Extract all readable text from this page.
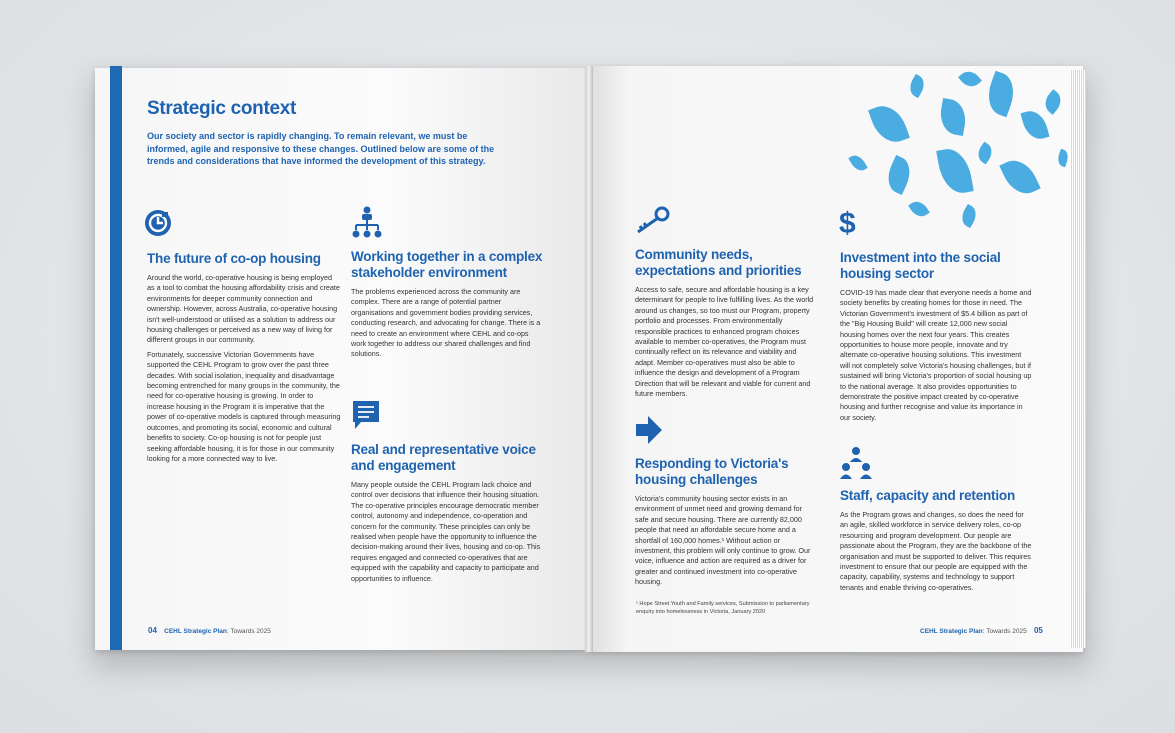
Strategic context

Our society and sector is rapidly changing. To remain relevant, we must be informed, agile and responsive to these changes. Outlined below are some of the trends and considerations that have informed the development of this strategy.

The future of co-op housing

Around the world, co-operative housing is being employed as a tool to combat the housing affordability crisis and create environments for deeper community connection and ownership. However, across Australia, co-operative housing isn't well-understood or utilised as a solution to address our housing challenges or perceived as a new way of living for different groups in our community.

Fortunately, successive Victorian Governments have supported the CEHL Program to grow over the past three decades. With social isolation, inequality and disadvantage becoming entrenched for many groups in the community, the need for co-operative housing is growing. In order to increase housing in the Program it is imperative that the power of co-operative models is captured through measuring outcomes, and promoting its social, economic and cultural benefits to society. Co-op housing is not for people just seeking affordable housing, it is for those in our community looking for a more connected way to live.

Working together in a complex stakeholder environment

The problems experienced across the community are complex. There are a range of potential partner organisations and government bodies providing services, conducting research, and advocating for change. There is a need to create an environment where CEHL and co-ops work together to address our shared challenges and find solutions.

Real and representative voice and engagement

Many people outside the CEHL Program lack choice and control over decisions that influence their housing situation. The co-operative principles encourage democratic member control, autonomy and independence, co-operation and concern for the community. These principles can only be realised when people have the opportunity to influence the decision-making around their lives, housing and co-op. This requires engaged and connected co-operatives that are equipped with the capability and capacity to participate and opportunities to influence.

04 CEHL Strategic Plan: Towards 2025
Community needs, expectations and priorities

Access to safe, secure and affordable housing is a key determinant for people to live fulfilling lives. As the world around us changes, so too must our Program, property portfolio and processes. From environmentally responsible practices to enhanced program choices available to member co-operatives, the Program must continually reflect on its relevance and viability and adapt. Member co-operatives must also be able to influence the design and development of a Program Direction that will be relevant and viable for current and future members.

$
Investment into the social housing sector

COVID-19 has made clear that everyone needs a home and society benefits by creating homes for those in need. The Victorian Government's investment of $5.4 billion as part of the "Big Housing Build" will create 12,000 new social housing homes over the next four years. This creates opportunities to house more people, innovate and try alternate co-operative housing solutions. This investment will not completely solve Victoria's housing challenges, but if sustained will bring Victoria's proportion of social housing up to the national average. It also provides opportunities to demonstrate the positive impact created by co-operative housing and further recognise and value its importance in our society.

Responding to Victoria's housing challenges

Victoria's community housing sector exists in an environment of unmet need and growing demand for safe and secure housing. There are currently 82,000 people that need an affordable secure home and a shortfall of 160,000 homes.¹ Without action or investment, this problem will only continue to grow. Our voice, influence and action are required as a driver for greater and continued investment into co-operative housing.

Staff, capacity and retention

As the Program grows and changes, so does the need for an agile, skilled workforce in service delivery roles, co-op resourcing and program development. Our people are passionate about the Program, they are the backbone of the organisation and must be supported to deliver. This requires investment to ensure that our people are equipped with the capacity, capability, systems and technology to support tenants and enable thriving co-operatives.

¹ Hope Street Youth and Family services, Submission to parliamentary enquiry into homelessness in Victoria, January 2020

CEHL Strategic Plan: Towards 2025 05
